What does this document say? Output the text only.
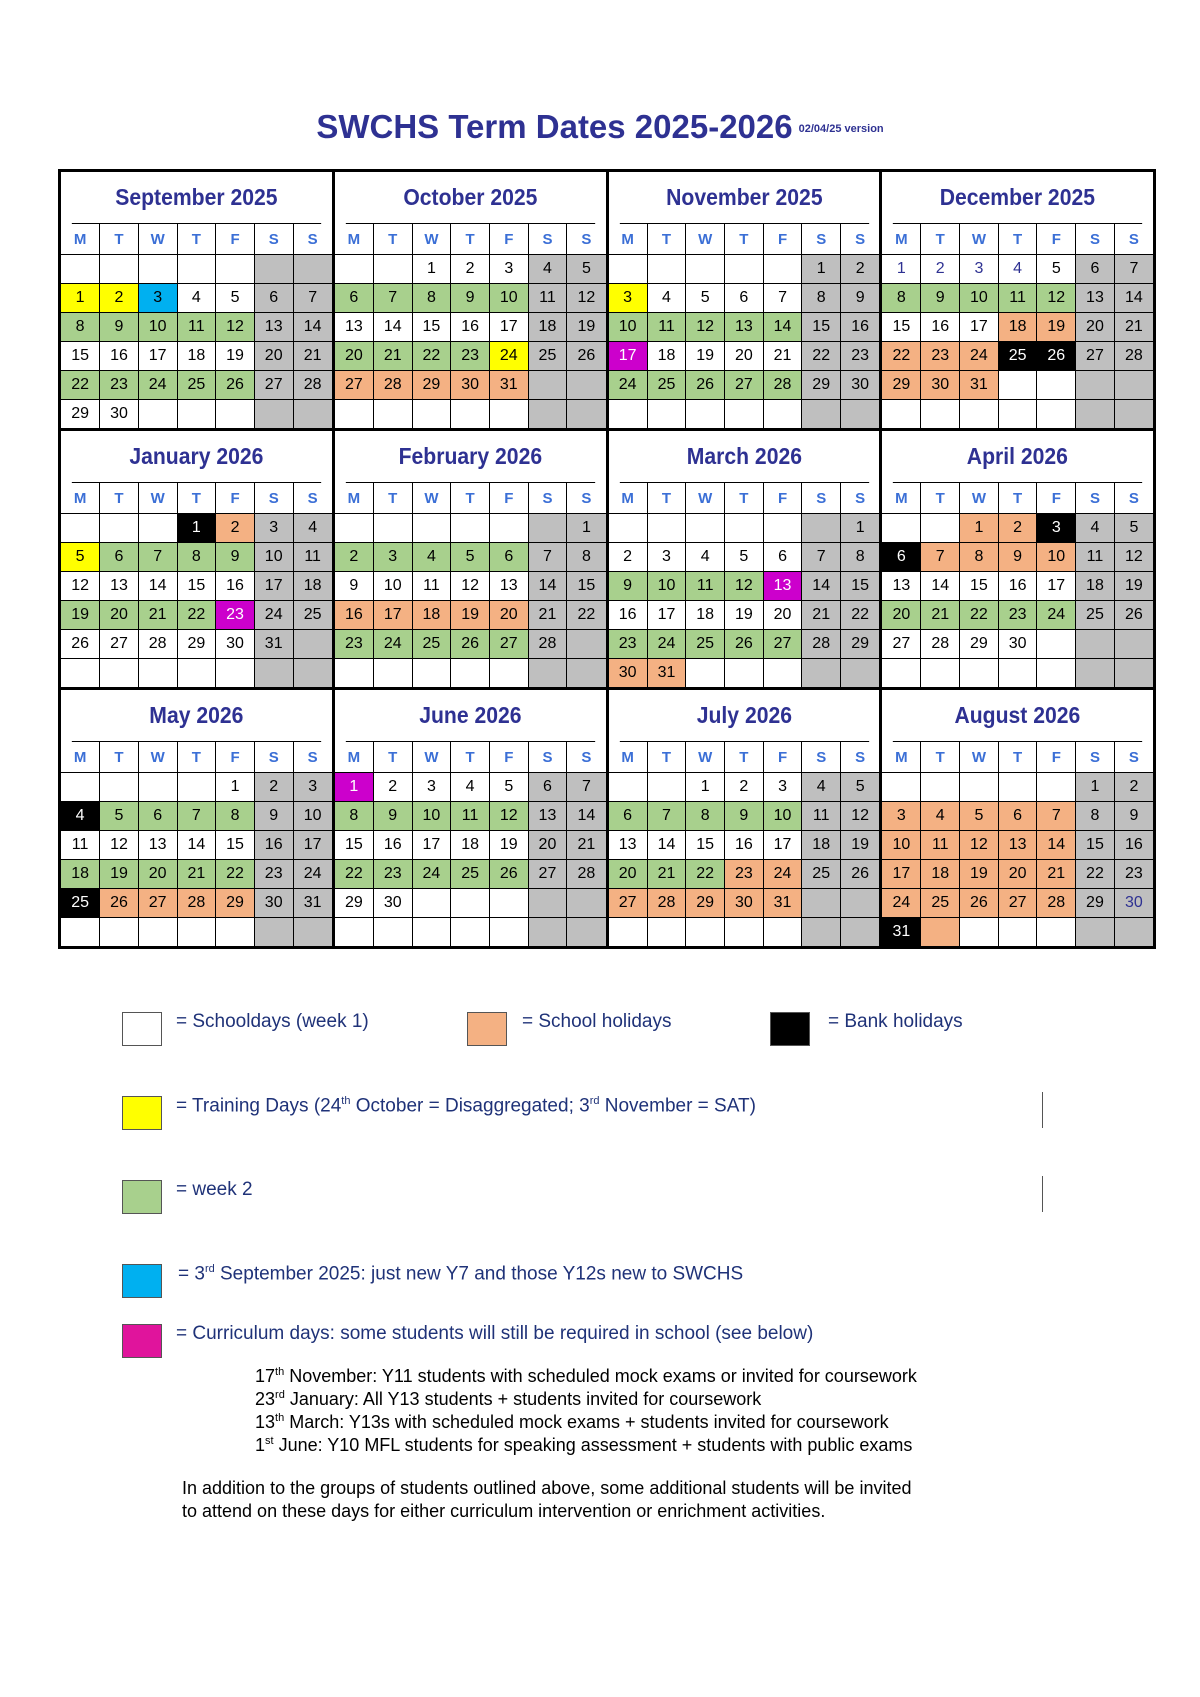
SWCHS Term Dates 2025-2026 02/04/25 version
September 2025
M	T	W	T	F	S	S

1	2	3	4	5	6	7
8	9	10	11	12	13	14
15	16	17	18	19	20	21
22	23	24	25	26	27	28
29	30					
October 2025
M	T	W	T	F	S	S
		1	2	3	4	5
6	7	8	9	10	11	12
13	14	15	16	17	18	19
20	21	22	23	24	25	26
27	28	29	30	31		

November 2025
M	T	W	T	F	S	S
					1	2
3	4	5	6	7	8	9
10	11	12	13	14	15	16
17	18	19	20	21	22	23
24	25	26	27	28	29	30

December 2025
M	T	W	T	F	S	S
1	2	3	4	5	6	7
8	9	10	11	12	13	14
15	16	17	18	19	20	21
22	23	24	25	26	27	28
29	30	31				

January 2026
M	T	W	T	F	S	S
			1	2	3	4
5	6	7	8	9	10	11
12	13	14	15	16	17	18
19	20	21	22	23	24	25
26	27	28	29	30	31	

February 2026
M	T	W	T	F	S	S
						1
2	3	4	5	6	7	8
9	10	11	12	13	14	15
16	17	18	19	20	21	22
23	24	25	26	27	28	

March 2026
M	T	W	T	F	S	S
						1
2	3	4	5	6	7	8
9	10	11	12	13	14	15
16	17	18	19	20	21	22
23	24	25	26	27	28	29
30	31					
April 2026
M	T	W	T	F	S	S
		1	2	3	4	5
6	7	8	9	10	11	12
13	14	15	16	17	18	19
20	21	22	23	24	25	26
27	28	29	30			

May 2026
M	T	W	T	F	S	S
				1	2	3
4	5	6	7	8	9	10
11	12	13	14	15	16	17
18	19	20	21	22	23	24
25	26	27	28	29	30	31

June 2026
M	T	W	T	F	S	S
1	2	3	4	5	6	7
8	9	10	11	12	13	14
15	16	17	18	19	20	21
22	23	24	25	26	27	28
29	30					

July 2026
M	T	W	T	F	S	S
		1	2	3	4	5
6	7	8	9	10	11	12
13	14	15	16	17	18	19
20	21	22	23	24	25	26
27	28	29	30	31		

August 2026
M	T	W	T	F	S	S
					1	2
3	4	5	6	7	8	9
10	11	12	13	14	15	16
17	18	19	20	21	22	23
24	25	26	27	28	29	30
31						
= Schooldays (week 1)	= School holidays	= Bank holidays
= Training Days (24th October = Disaggregated; 3rd November = SAT)
= week 2
= 3rd September 2025: just new Y7 and those Y12s new to SWCHS
= Curriculum days: some students will still be required in school (see below)
17th November: Y11 students with scheduled mock exams or invited for coursework
23rd January: All Y13 students + students invited for coursework
13th March: Y13s with scheduled mock exams + students invited for coursework
1st June: Y10 MFL students for speaking assessment + students with public exams
In addition to the groups of students outlined above, some additional students will be invited
to attend on these days for either curriculum intervention or enrichment activities.
